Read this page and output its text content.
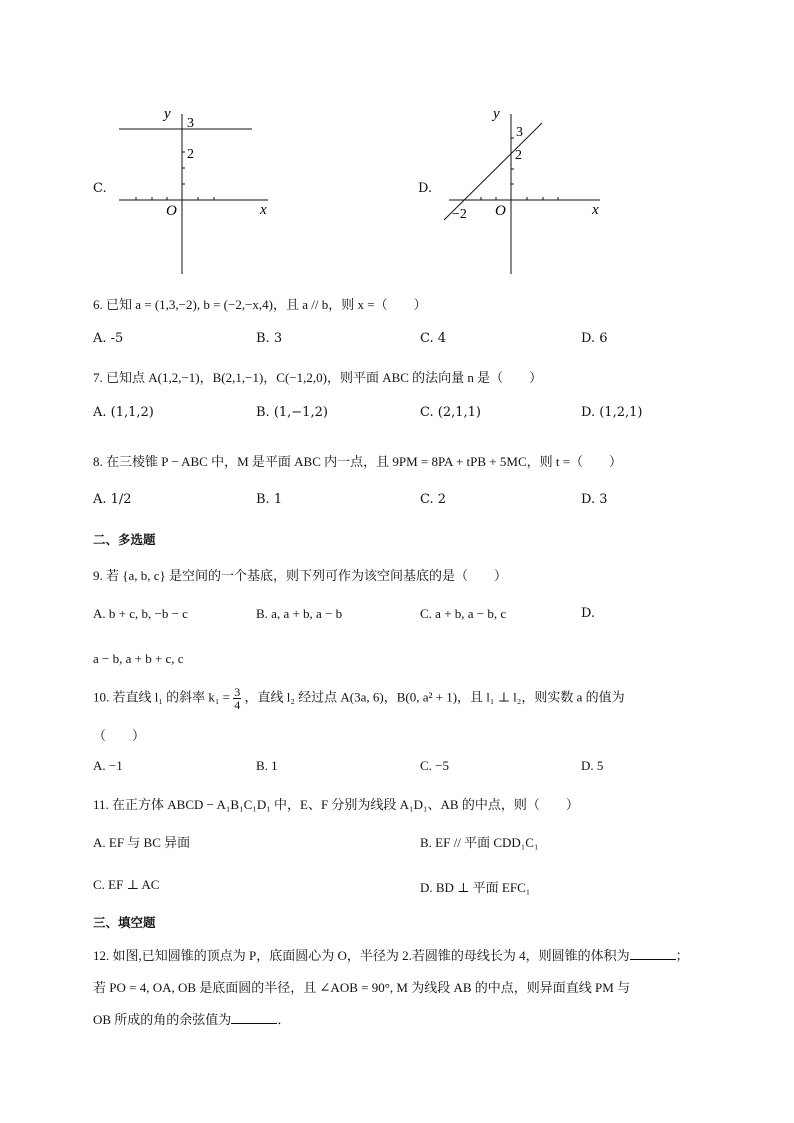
C.
y
x
O
3
2
D.
y
x
O
3
2
−2
6. 已知 a = (1,3,−2), b = (−2,−x,4)，且 a // b，则 x =（　　）
A. -5	B. 3	C. 4	D. 6
7. 已知点 A(1,2,−1)，B(2,1,−1)，C(−1,2,0)，则平面 ABC 的法向量 n 是（　　）
A. (1,1,2)	B. (1,−1,2)	C. (2,1,1)	D. (1,2,1)
8. 在三棱锥 P − ABC 中，M 是平面 ABC 内一点，且 9PM = 8PA + tPB + 5MC，则 t =（　　）
A. 1/2	B. 1	C. 2	D. 3
二、多选题
9. 若 {a, b, c} 是空间的一个基底，则下列可作为该空间基底的是（　　）
A. b + c, b, −b − c	B. a, a + b, a − b	C. a + b, a − b, c	D.
a − b, a + b + c, c
10. 若直线 l₁ 的斜率 $k_1 = \frac{3}{4}$ ，直线 l₂ 经过点 A(3a, 6)，B(0, a² + 1)，且 l₁ ⊥ l₂，则实数 a 的值为
（　　）
A. −1	B. 1	C. −5	D. 5
11. 在正方体 ABCD − A₁B₁C₁D₁ 中，E、F 分别为线段 A₁D₁、AB 的中点，则（　　）
A. EF 与 BC 异面	B. EF // 平面 CDD₁C₁
C. EF ⊥ AC	D. BD ⊥ 平面 EFC₁
三、填空题
12. 如图,已知圆锥的顶点为 P，底面圆心为 O，半径为 2.若圆锥的母线长为 4，则圆锥的体积为	；
若 PO = 4, OA, OB 是底面圆的半径，且 ∠AOB = 90°, M 为线段 AB 的中点，则异面直线 PM 与
OB 所成的角的余弦值为	．
